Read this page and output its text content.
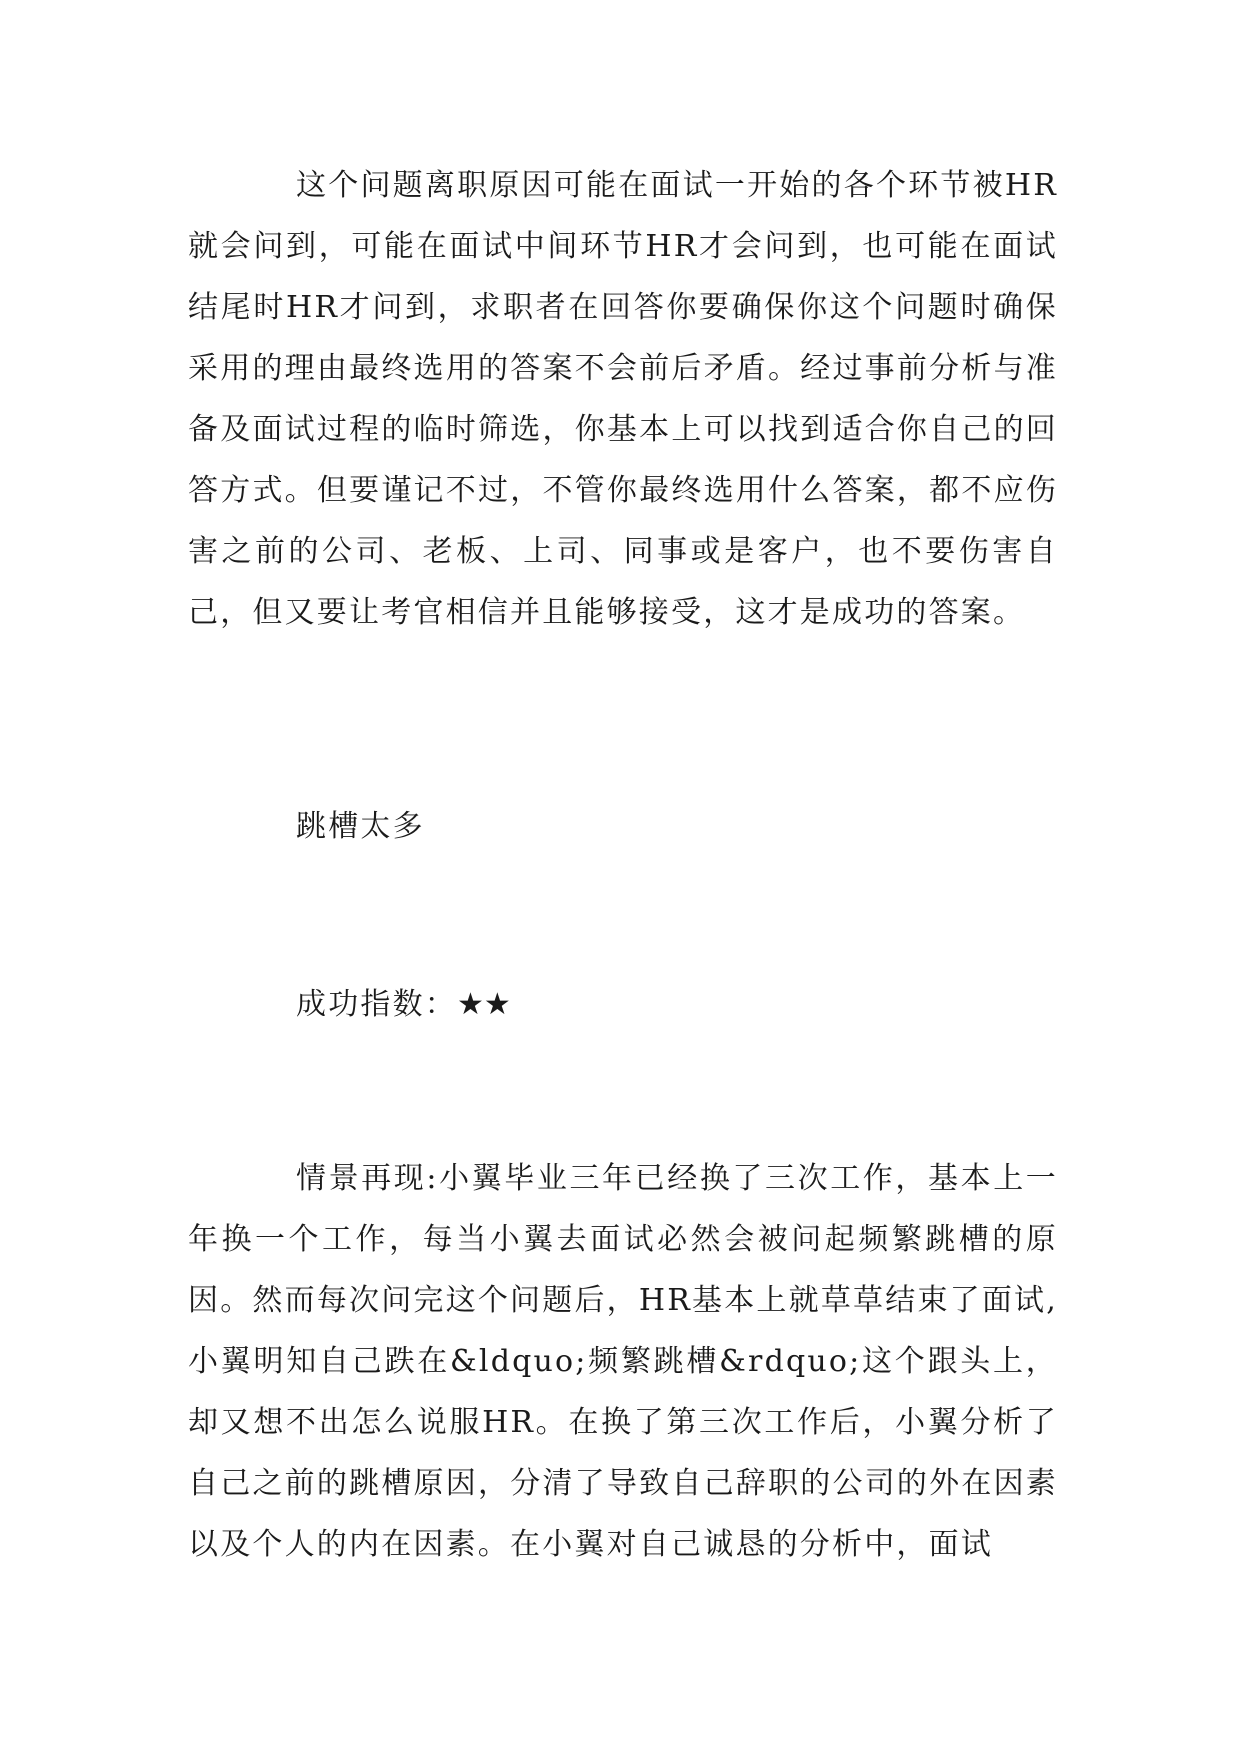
这个问题离职原因可能在面试一开始的各个环节被HR就会问到，可能在面试中间环节HR才会问到，也可能在面试结尾时HR才问到，求职者在回答你要确保你这个问题时确保采用的理由最终选用的答案不会前后矛盾。经过事前分析与准备及面试过程的临时筛选，你基本上可以找到适合你自己的回答方式。但要谨记不过，不管你最终选用什么答案，都不应伤害之前的公司、老板、上司、同事或是客户，也不要伤害自己，但又要让考官相信并且能够接受，这才是成功的答案。

跳槽太多

成功指数：★★

情景再现:小翼毕业三年已经换了三次工作，基本上一年换一个工作，每当小翼去面试必然会被问起频繁跳槽的原因。然而每次问完这个问题后，HR基本上就草草结束了面试,小翼明知自己跌在&ldquo;频繁跳槽&rdquo;这个跟头上，却又想不出怎么说服HR。在换了第三次工作后，小翼分析了自己之前的跳槽原因，分清了导致自己辞职的公司的外在因素以及个人的内在因素。在小翼对自己诚恳的分析中，面试
